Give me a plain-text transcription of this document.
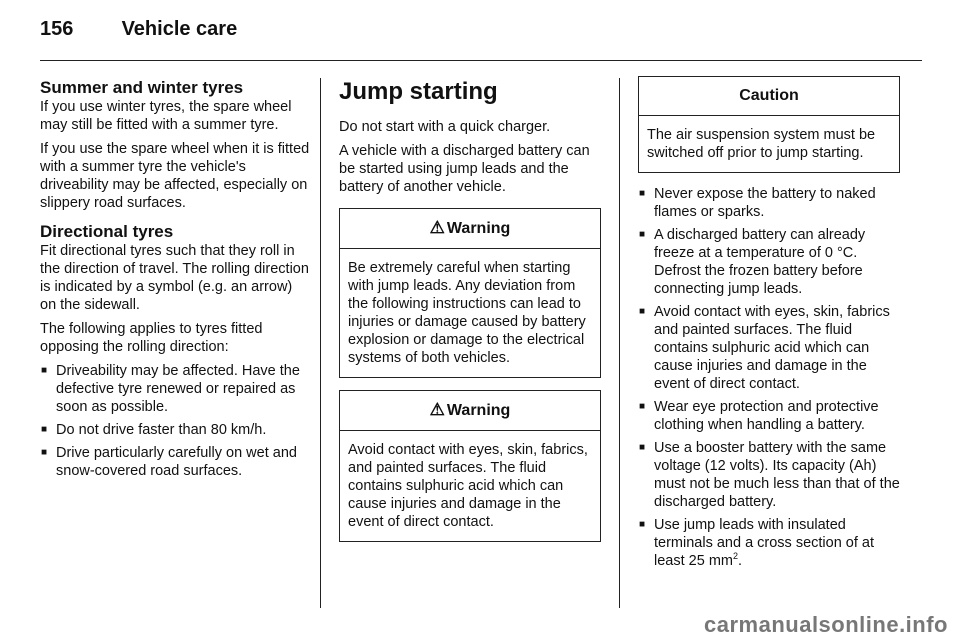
156 Vehicle care
Summer and winter tyres

If you use winter tyres, the spare wheel may still be fitted with a summer tyre.

If you use the spare wheel when it is fitted with a summer tyre the vehicle's driveability may be affected, especially on slippery road surfaces.

Directional tyres

Fit directional tyres such that they roll in the direction of travel. The rolling direction is indicated by a symbol (e.g. an arrow) on the sidewall.

The following applies to tyres fitted opposing the rolling direction:

■ Driveability may be affected. Have the defective tyre renewed or repaired as soon as possible.
■ Do not drive faster than 80 km/h.
■ Drive particularly carefully on wet and snow-covered road surfaces.
Jump starting

Do not start with a quick charger.

A vehicle with a discharged battery can be started using jump leads and the battery of another vehicle.

⚠ Warning
Be extremely careful when starting with jump leads. Any deviation from the following instructions can lead to injuries or damage caused by battery explosion or damage to the electrical systems of both vehicles.
⚠ Warning
Avoid contact with eyes, skin, fabrics, and painted surfaces. The fluid contains sulphuric acid which can cause injuries and damage in the event of direct contact.
Caution
The air suspension system must be switched off prior to jump starting.
■ Never expose the battery to naked flames or sparks.
■ A discharged battery can already freeze at a temperature of 0 °C. Defrost the frozen battery before connecting jump leads.
■ Avoid contact with eyes, skin, fabrics and painted surfaces. The fluid contains sulphuric acid which can cause injuries and damage in the event of direct contact.
■ Wear eye protection and protective clothing when handling a battery.
■ Use a booster battery with the same voltage (12 volts). Its capacity (Ah) must not be much less than that of the discharged battery.
■ Use jump leads with insulated terminals and a cross section of at least 25 $mm^2$.
carmanualsonline.info
